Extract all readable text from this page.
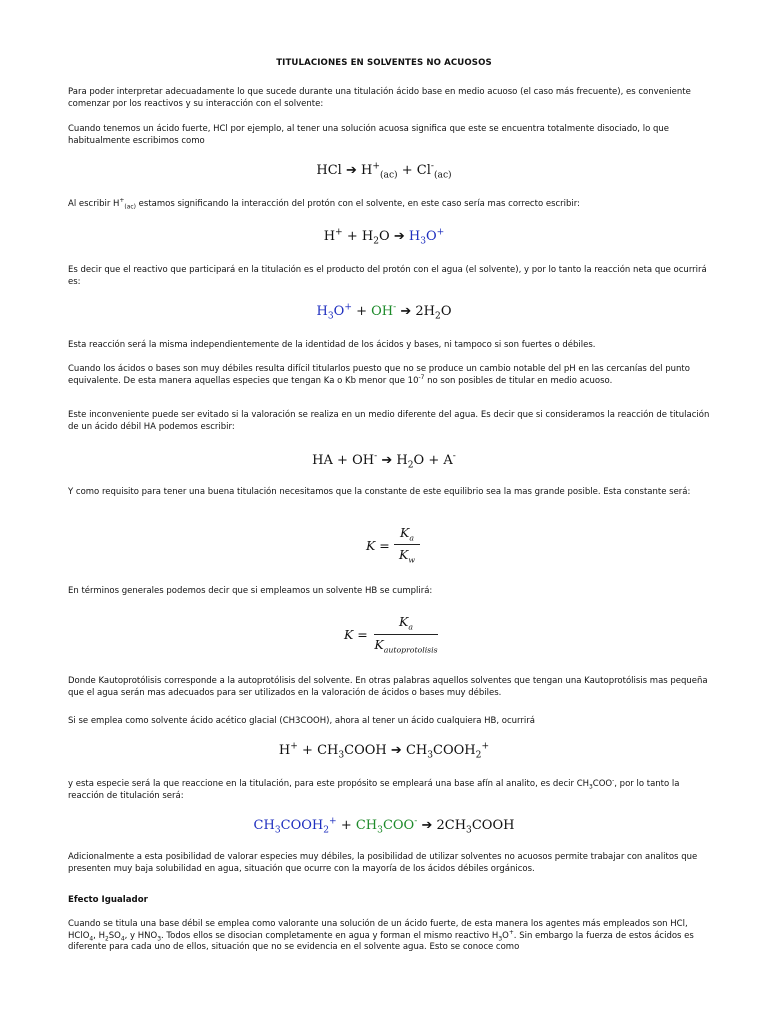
TITULACIONES EN SOLVENTES NO ACUOSOS
Para poder interpretar adecuadamente lo que sucede durante una titulación ácido base en medio acuoso (el caso más frecuente), es conveniente comenzar por los reactivos y su interacción con el solvente:
Cuando tenemos un ácido fuerte, HCl por ejemplo, al tener una solución acuosa significa que este se encuentra totalmente disociado, lo que habitualmente escribimos como
HCl ➔ $H^+_{(ac)} + Cl^-_{(ac)}$
Al escribir $H^+_{(ac)}$ estamos significando la interacción del protón con el solvente, en este caso sería mas correcto escribir:
$H^+ + H_2O$ ➔ $H_3O^+$
Es decir que el reactivo que participará en la titulación es el producto del protón con el agua (el solvente), y por lo tanto la reacción neta que ocurrirá es:
$H_3O^+ + OH^-$ ➔ $2H_2O$
Esta reacción será la misma independientemente de la identidad de los ácidos y bases, ni tampoco si son fuertes o débiles.
Cuando los ácidos o bases son muy débiles resulta difícil titularlos puesto que no se produce un cambio notable del pH en las cercanías del punto equivalente. De esta manera aquellas especies que tengan Ka o Kb menor que $10^{-7}$ no son posibles de titular en medio acuoso.
Este inconveniente puede ser evitado si la valoración se realiza en un medio diferente del agua. Es decir que si consideramos la reacción de titulación de un ácido débil HA podemos escribir:
HA + OH- ➔ $H_2O + A^-$
Y como requisito para tener una buena titulación necesitamos que la constante de este equilibrio sea la mas grande posible. Esta constante será:
K =
$K_a$
$K_w$
En términos generales podemos decir que si empleamos un solvente HB se cumplirá:
K =
$K_a$
$K_{autoprotolisis}$
Donde Kautoprotólisis corresponde a la autoprotólisis del solvente. En otras palabras aquellos solventes que tengan una Kautoprotólisis mas pequeña que el agua serán mas adecuados para ser utilizados en la valoración de ácidos o bases muy débiles.
Si se emplea como solvente ácido acético glacial (CH3COOH), ahora al tener un ácido cualquiera HB, ocurrirá
$H^+ + CH_3COOH$ ➔ $CH_3COOH_2^+$
y esta especie será la que reaccione en la titulación, para este propósito se empleará una base afín al analito, es decir $CH_3COO^-$, por lo tanto la reacción de titulación será:
$CH_3COOH_2^+ + CH_3COO^-$ ➔ $2CH_3COOH$
Adicionalmente a esta posibilidad de valorar especies muy débiles, la posibilidad de utilizar solventes no acuosos permite trabajar con analitos que presenten muy baja solubilidad en agua, situación que ocurre con la mayoría de los ácidos débiles orgánicos.
Efecto Igualador
Cuando se titula una base débil se emplea como valorante una solución de un ácido fuerte, de esta manera los agentes más empleados son HCl, HClO$_4$, $H_2SO_4$, y $HNO_3$. Todos ellos se disocian completamente en agua y forman el mismo reactivo $H_3O^+$. Sin embargo la fuerza de estos ácidos es diferente para cada uno de ellos, situación que no se evidencia en el solvente agua. Esto se conoce como
